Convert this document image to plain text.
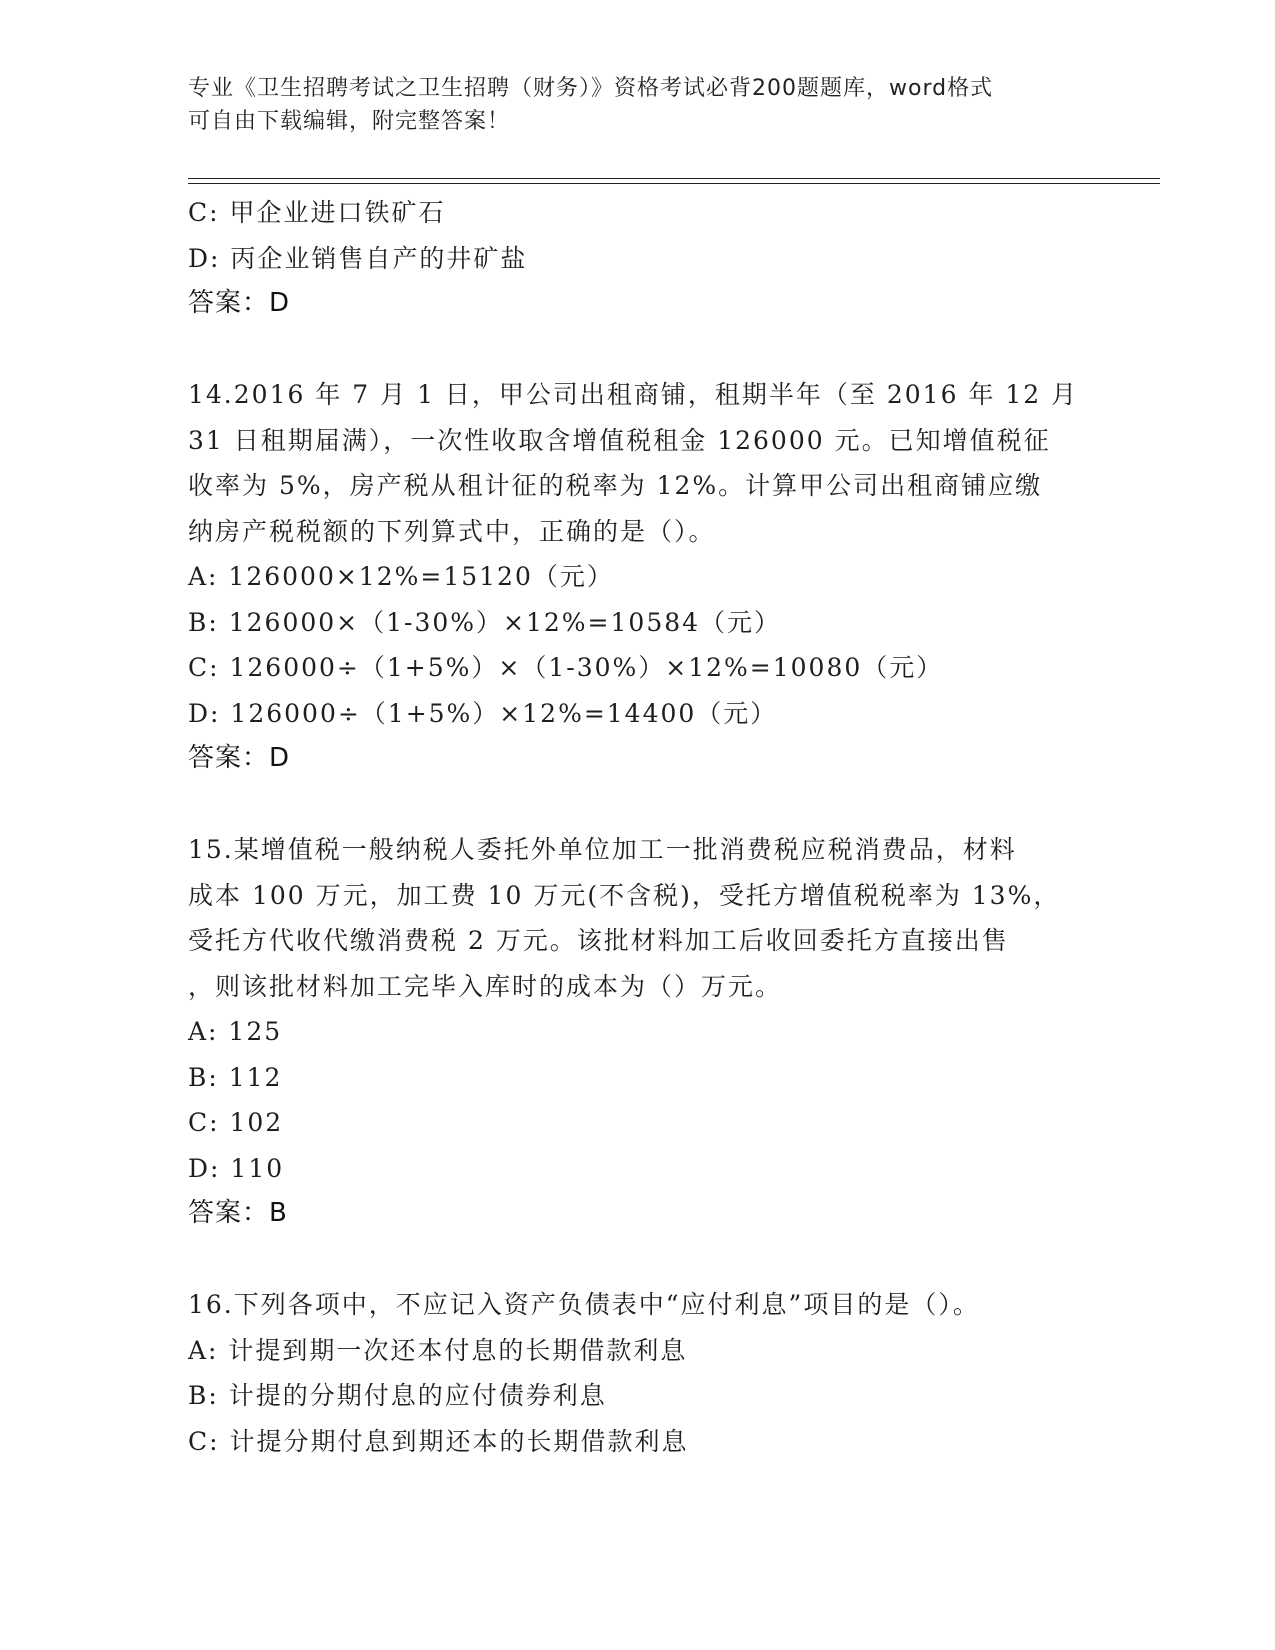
专业《卫生招聘考试之卫生招聘（财务）》资格考试必背200题题库，word格式
可自由下载编辑，附完整答案！
C: 甲企业进口铁矿石
D: 丙企业销售自产的井矿盐
答案：D
14.2016 年 7 月 1 日，甲公司出租商铺，租期半年（至 2016 年 12 月
31 日租期届满），一次性收取含增值税租金 126000 元。已知增值税征
收率为 5%，房产税从租计征的税率为 12%。计算甲公司出租商铺应缴
纳房产税税额的下列算式中，正确的是（）。
A: 126000×12%=15120（元）
B: 126000×（1-30%）×12%=10584（元）
C: 126000÷（1+5%）×（1-30%）×12%=10080（元）
D: 126000÷（1+5%）×12%=14400（元）
答案：D
15.某增值税一般纳税人委托外单位加工一批消费税应税消费品，材料
成本 100 万元，加工费 10 万元(不含税)，受托方增值税税率为 13%，
受托方代收代缴消费税 2 万元。该批材料加工后收回委托方直接出售
，则该批材料加工完毕入库时的成本为（）万元。
A: 125
B: 112
C: 102
D: 110
答案：B
16.下列各项中，不应记入资产负债表中“应付利息”项目的是（）。
A: 计提到期一次还本付息的长期借款利息
B: 计提的分期付息的应付债券利息
C: 计提分期付息到期还本的长期借款利息
